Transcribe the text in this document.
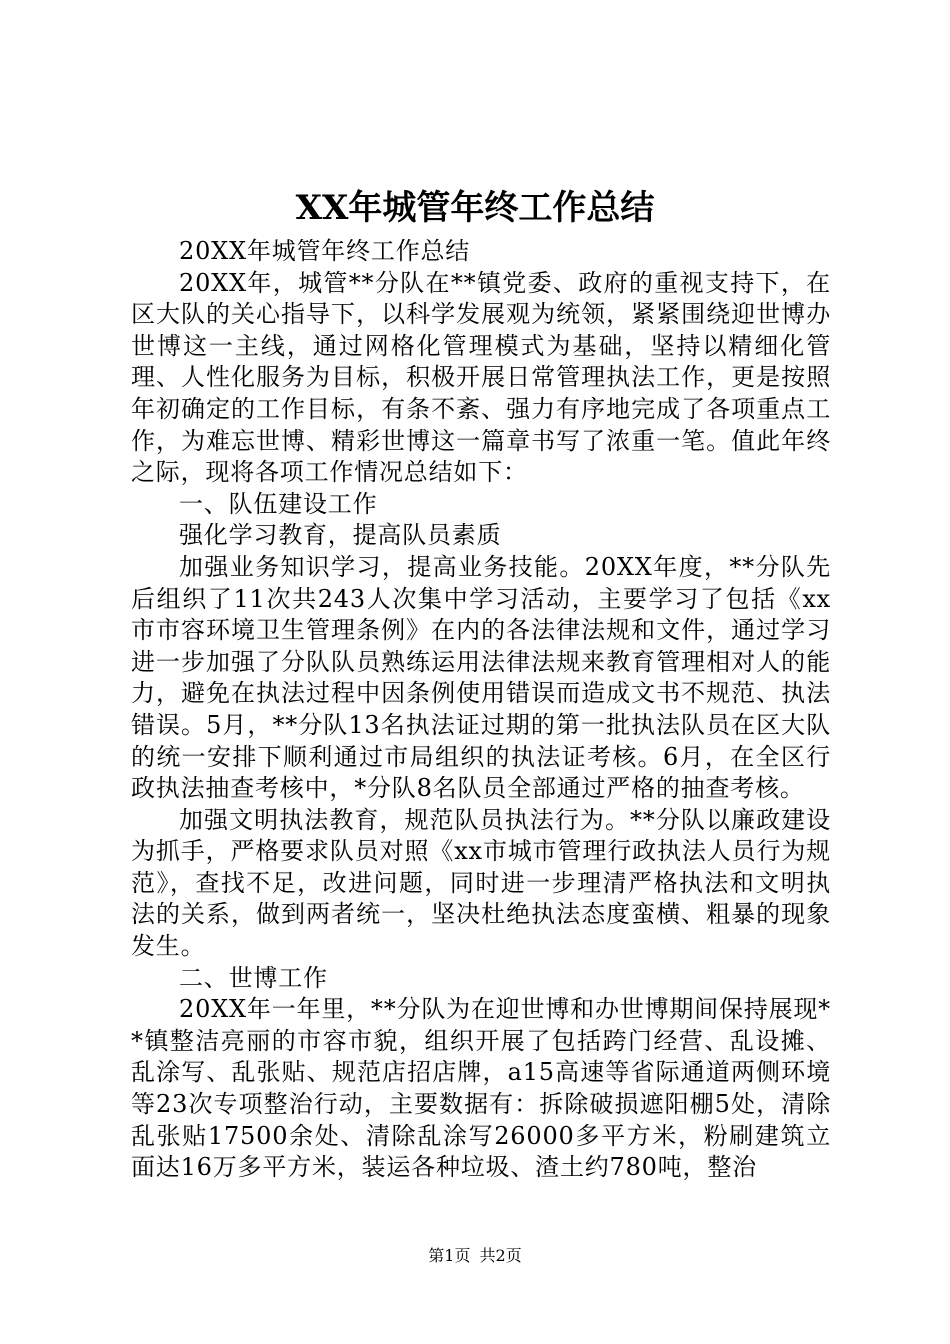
XX年城管年终工作总结

20XX年城管年终工作总结

20XX年，城管**分队在**镇党委、政府的重视支持下，在区大队的关心指导下，以科学发展观为统领，紧紧围绕迎世博办世博这一主线，通过网格化管理模式为基础，坚持以精细化管理、人性化服务为目标，积极开展日常管理执法工作，更是按照年初确定的工作目标，有条不紊、强力有序地完成了各项重点工作，为难忘世博、精彩世博这一篇章书写了浓重一笔。值此年终之际，现将各项工作情况总结如下：

一、队伍建设工作

强化学习教育，提高队员素质

加强业务知识学习，提高业务技能。20XX年度，**分队先后组织了11次共243人次集中学习活动，主要学习了包括《xx市市容环境卫生管理条例》在内的各法律法规和文件，通过学习进一步加强了分队队员熟练运用法律法规来教育管理相对人的能力，避免在执法过程中因条例使用错误而造成文书不规范、执法错误。5月，**分队13名执法证过期的第一批执法队员在区大队的统一安排下顺利通过市局组织的执法证考核。6月，在全区行政执法抽查考核中，*分队8名队员全部通过严格的抽查考核。

加强文明执法教育，规范队员执法行为。**分队以廉政建设为抓手，严格要求队员对照《xx市城市管理行政执法人员行为规范》，查找不足，改进问题，同时进一步理清严格执法和文明执法的关系，做到两者统一，坚决杜绝执法态度蛮横、粗暴的现象发生。

二、世博工作

20XX年一年里，**分队为在迎世博和办世博期间保持展现**镇整洁亮丽的市容市貌，组织开展了包括跨门经营、乱设摊、乱涂写、乱张贴、规范店招店牌，a15高速等省际通道两侧环境等23次专项整治行动，主要数据有：拆除破损遮阳棚5处，清除乱张贴17500余处、清除乱涂写26000多平方米，粉刷建筑立面达16万多平方米，装运各种垃圾、渣土约780吨，整治

第1页 共2页
